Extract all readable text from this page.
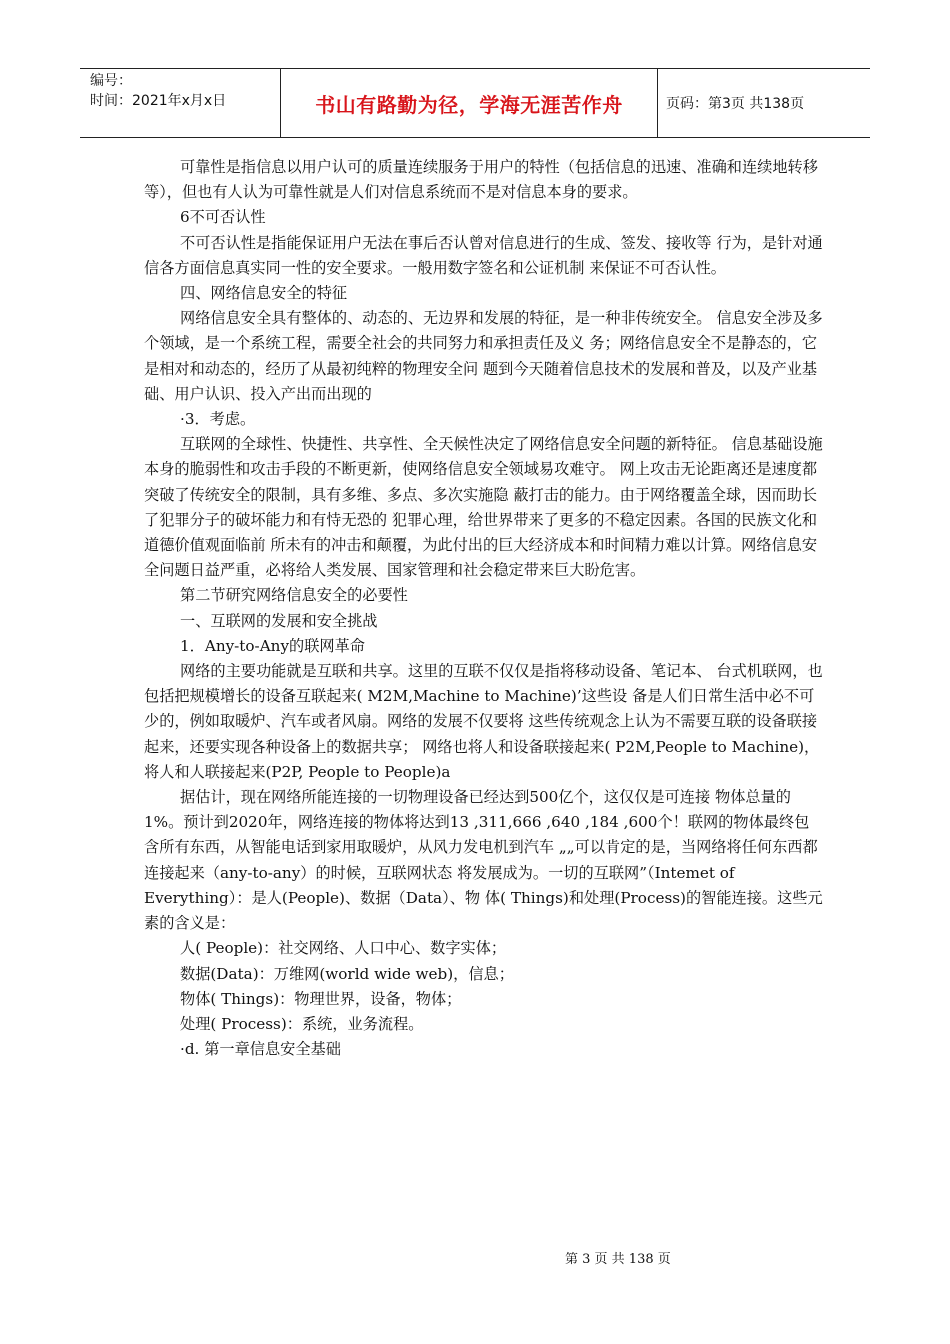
编号：
时间：2021年x月x日	书山有路勤为径，学海无涯苦作舟	页码：第3页 共138页

可靠性是指信息以用户认可的质量连续服务于用户的特性（包括信息的迅速、准确和连续地转移等），但也有人认为可靠性就是人们对信息系统而不是对信息本身的要求。

6不可否认性

不可否认性是指能保证用户无法在事后否认曾对信息进行的生成、签发、接收等 行为，是针对通信各方面信息真实同一性的安全要求。一般用数字签名和公证机制 来保证不可否认性。

四、网络信息安全的特征

网络信息安全具有整体的、动态的、无边界和发展的特征，是一种非传统安全。 信息安全涉及多个领域，是一个系统工程，需要全社会的共同努力和承担责任及义 务；网络信息安全不是静态的，它是相对和动态的，经历了从最初纯粹的物理安全问 题到今天随着信息技术的发展和普及，以及产业基础、用户认识、投入产出而出现的

·3．考虑。

互联网的全球性、快捷性、共享性、全天候性决定了网络信息安全问题的新特征。 信息基础设施本身的脆弱性和攻击手段的不断更新，使网络信息安全领域易攻难守。 网上攻击无论距离还是速度都突破了传统安全的限制，具有多维、多点、多次实施隐 蔽打击的能力。由于网络覆盖全球，因而助长了犯罪分子的破坏能力和有恃无恐的 犯罪心理，给世界带来了更多的不稳定因素。各国的民族文化和道德价值观面临前 所未有的冲击和颠覆，为此付出的巨大经济成本和时间精力难以计算。网络信息安 全问题日益严重，必将给人类发展、国家管理和社会稳定带来巨大盼危害。

第二节研究网络信息安全的必要性

一、互联网的发展和安全挑战

1．Any-to-Any的联网革命

网络的主要功能就是互联和共享。这里的互联不仅仅是指将移动设备、笔记本、 台式机联网，也包括把规模增长的设备互联起来( M2M,Machine to Machine)’这些设 备是人们日常生活中必不可少的，例如取暖炉、汽车或者风扇。网络的发展不仅要将 这些传统观念上认为不需要互联的设备联接起来，还要实现各种设备上的数据共享； 网络也将人和设备联接起来( P2M,People to Machine)，将人和人联接起来(P2P, People to People)a

据估计，现在网络所能连接的一切物理设备已经达到500亿个，这仅仅是可连接 物体总量的1%。预计到2020年，网络连接的物体将达到13 ,311,666 ,640 ,184 ,600个！联网的物体最终包含所有东西，从智能电话到家用取暖炉，从风力发电机到汽车 „„可以肯定的是，当网络将任何东西都连接起来（any-to-any）的时候，互联网状态 将发展成为。一切的互联网”（Intemet of Everything）：是人(People)、数据（Data）、物 体( Things)和处理(Process)的智能连接。这些元素的含义是：

人( People)：社交网络、人口中心、数字实体；

数据(Data)：万维网(world wide web)，信息；

物体( Things)：物理世界，设备，物体；

处理( Process)：系统，业务流程。

·d. 第一章信息安全基础

第 3 页 共 138 页
